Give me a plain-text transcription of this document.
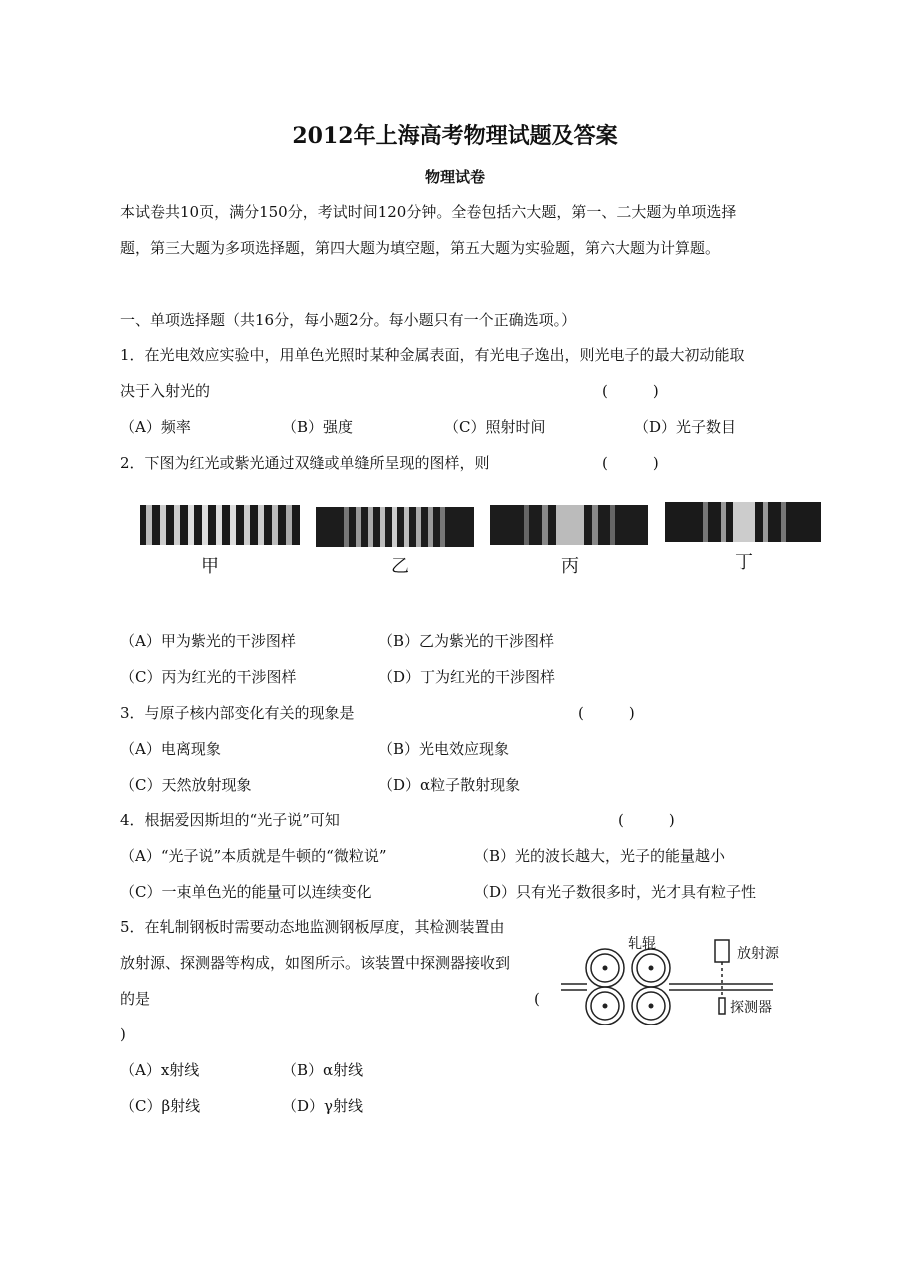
2012年上海高考物理试题及答案
物理试卷
本试卷共10页，满分150分，考试时间120分钟。全卷包括六大题，第一、二大题为单项选择
题，第三大题为多项选择题，第四大题为填空题，第五大题为实验题，第六大题为计算题。
一、单项选择题（共16分，每小题2分。每小题只有一个正确选项。）
1．在光电效应实验中，用单色光照时某种金属表面，有光电子逸出，则光电子的最大初动能取
决于入射光的	(　　　)
（A）频率	（B）强度	（C）照射时间	（D）光子数目
2．下图为红光或紫光通过双缝或单缝所呈现的图样，则	(　　　)
甲	乙	丙	丁
（A）甲为紫光的干涉图样	（B）乙为紫光的干涉图样
（C）丙为红光的干涉图样	（D）丁为红光的干涉图样
3．与原子核内部变化有关的现象是	(　　　)
（A）电离现象	（B）光电效应现象
（C）天然放射现象	（D）α粒子散射现象
4．根据爱因斯坦的“光子说”可知	(　　　)
（A）“光子说”本质就是牛顿的“微粒说”	（B）光的波长越大，光子的能量越小
（C）一束单色光的能量可以连续变化	（D）只有光子数很多时，光才具有粒子性
5．在轧制钢板时需要动态地监测钢板厚度，其检测装置由
放射源、探测器等构成，如图所示。该装置中探测器接收到
的是	(
)
轧辊
放射源
探测器
（A）x射线	（B）α射线
（C）β射线	（D）γ射线
